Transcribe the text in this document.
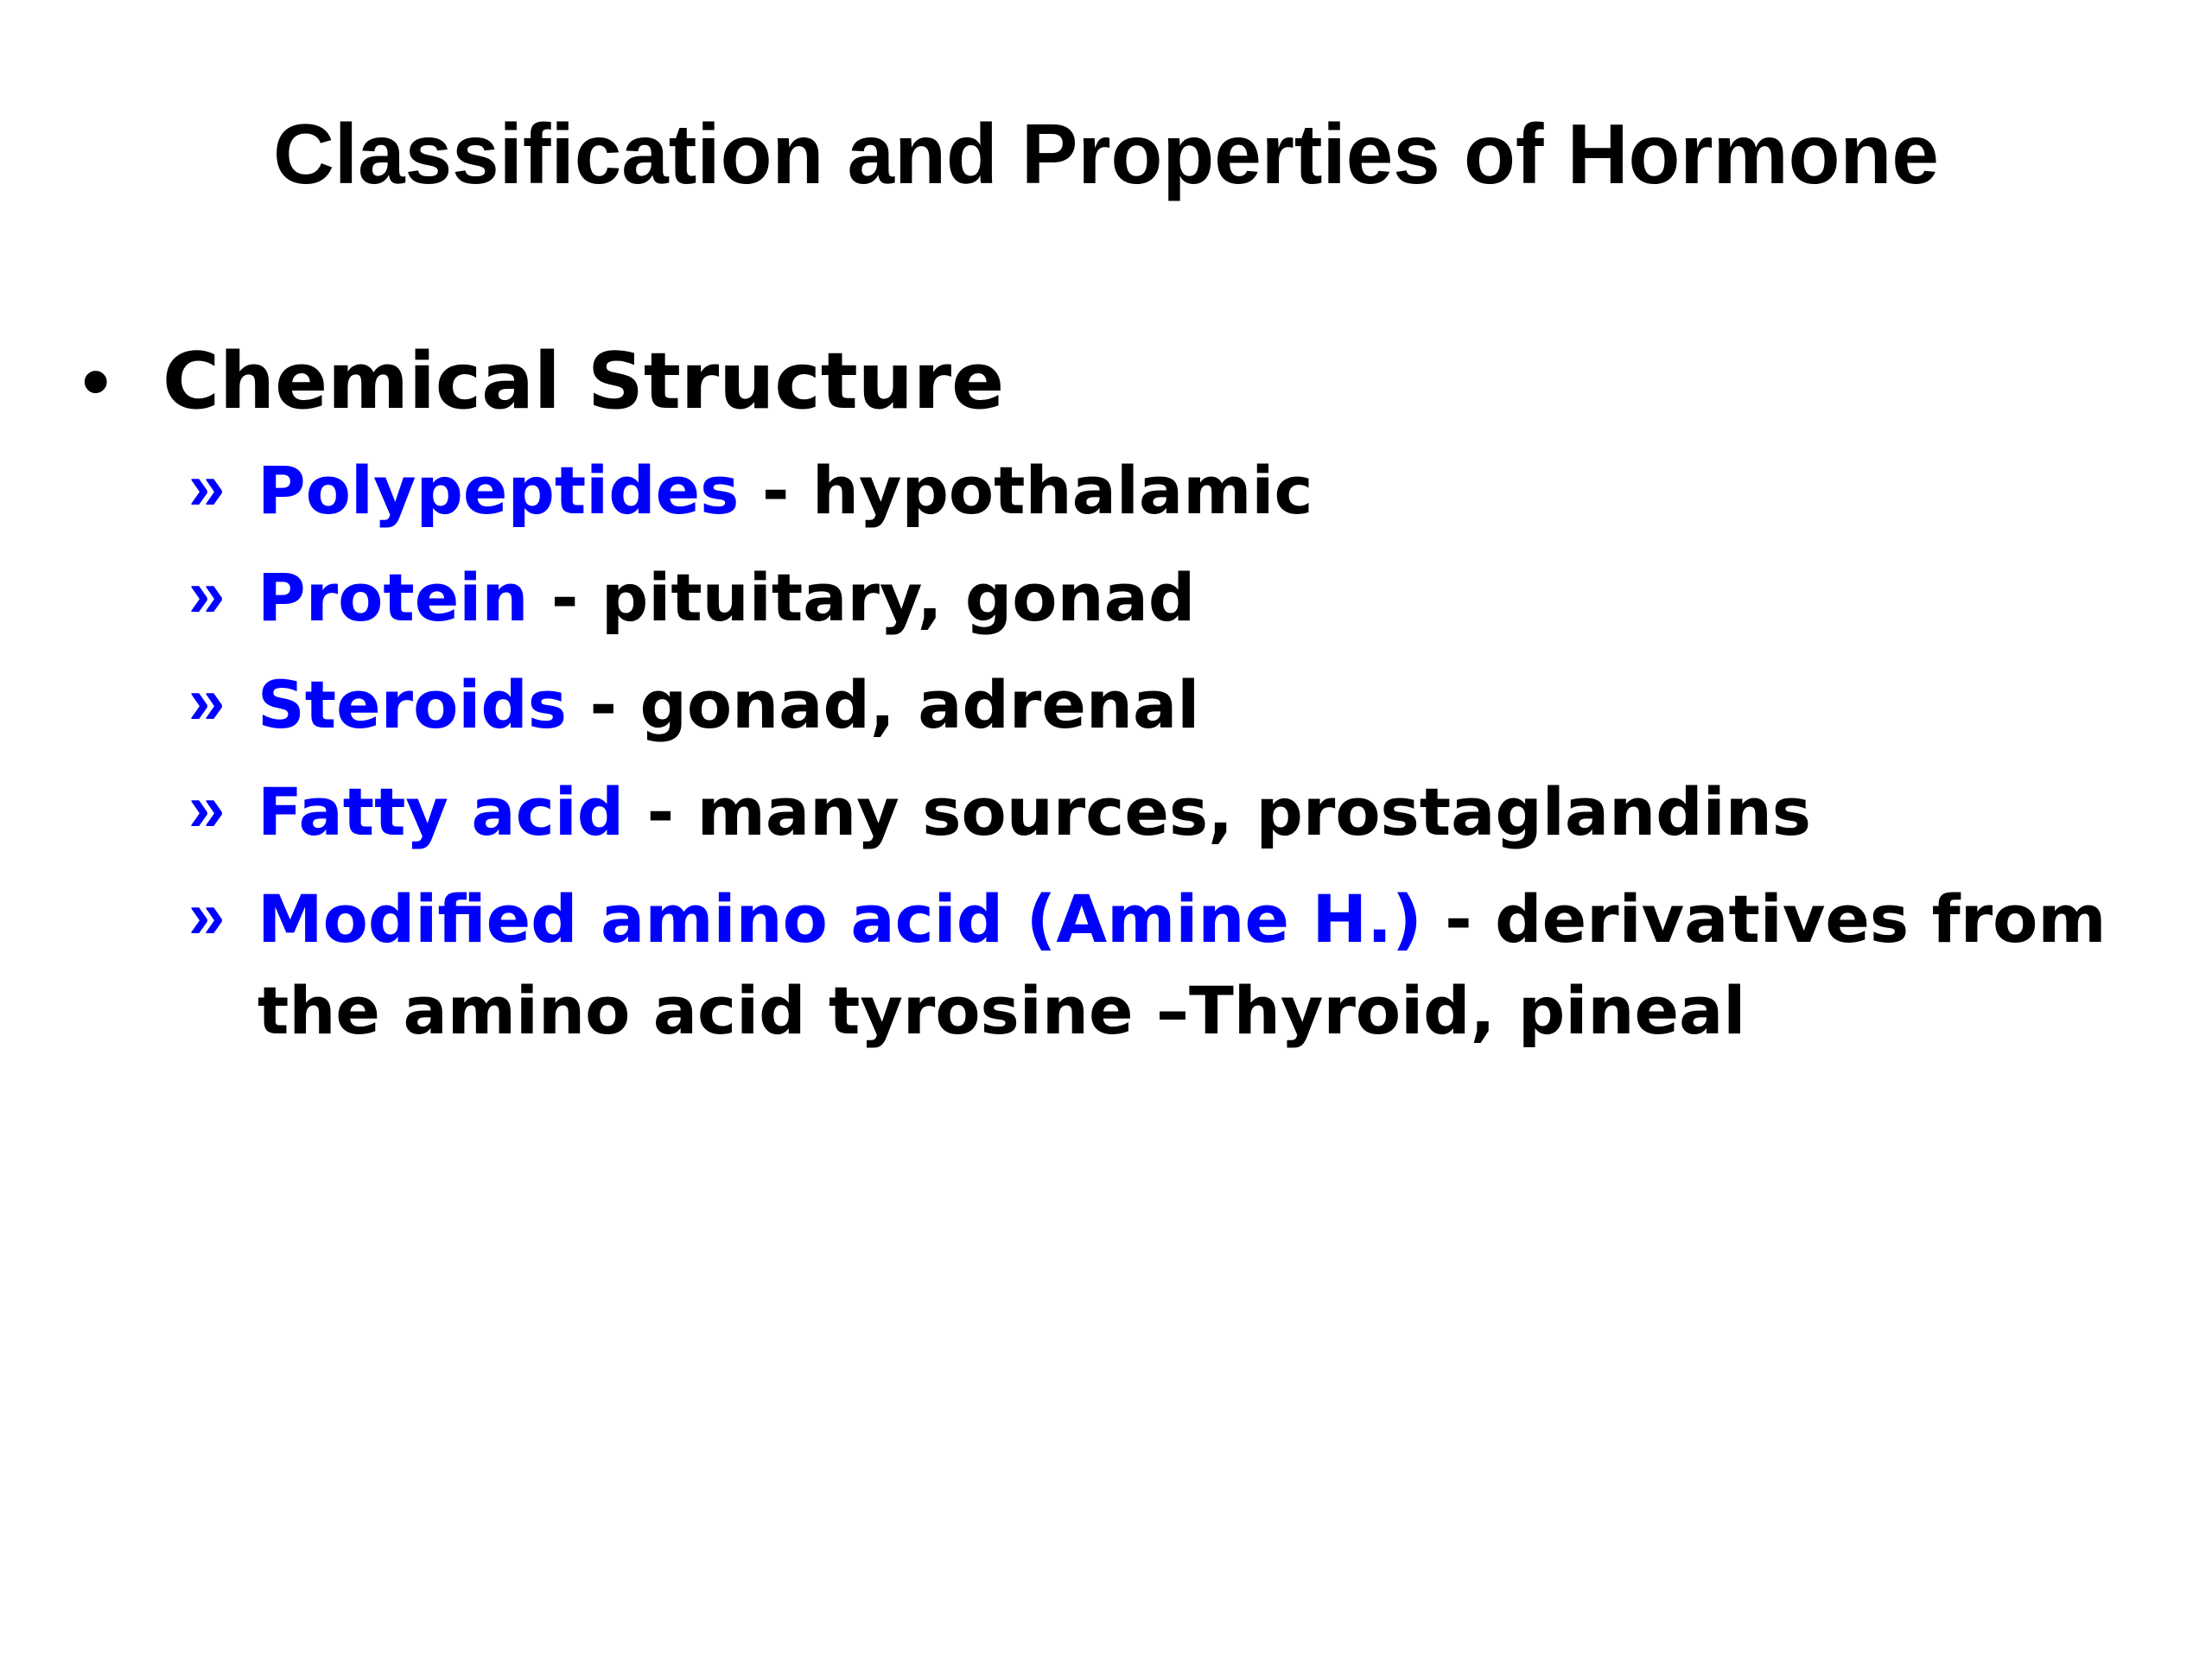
Classification and Properties of Hormone
• Chemical Structure
» Polypeptides - hypothalamic
» Protein - pituitary, gonad
» Steroids - gonad, adrenal
» Fatty acid - many sources, prostaglandins
» Modified amino acid (Amine H.) - derivatives from the amino acid tyrosine –Thyroid, pineal
